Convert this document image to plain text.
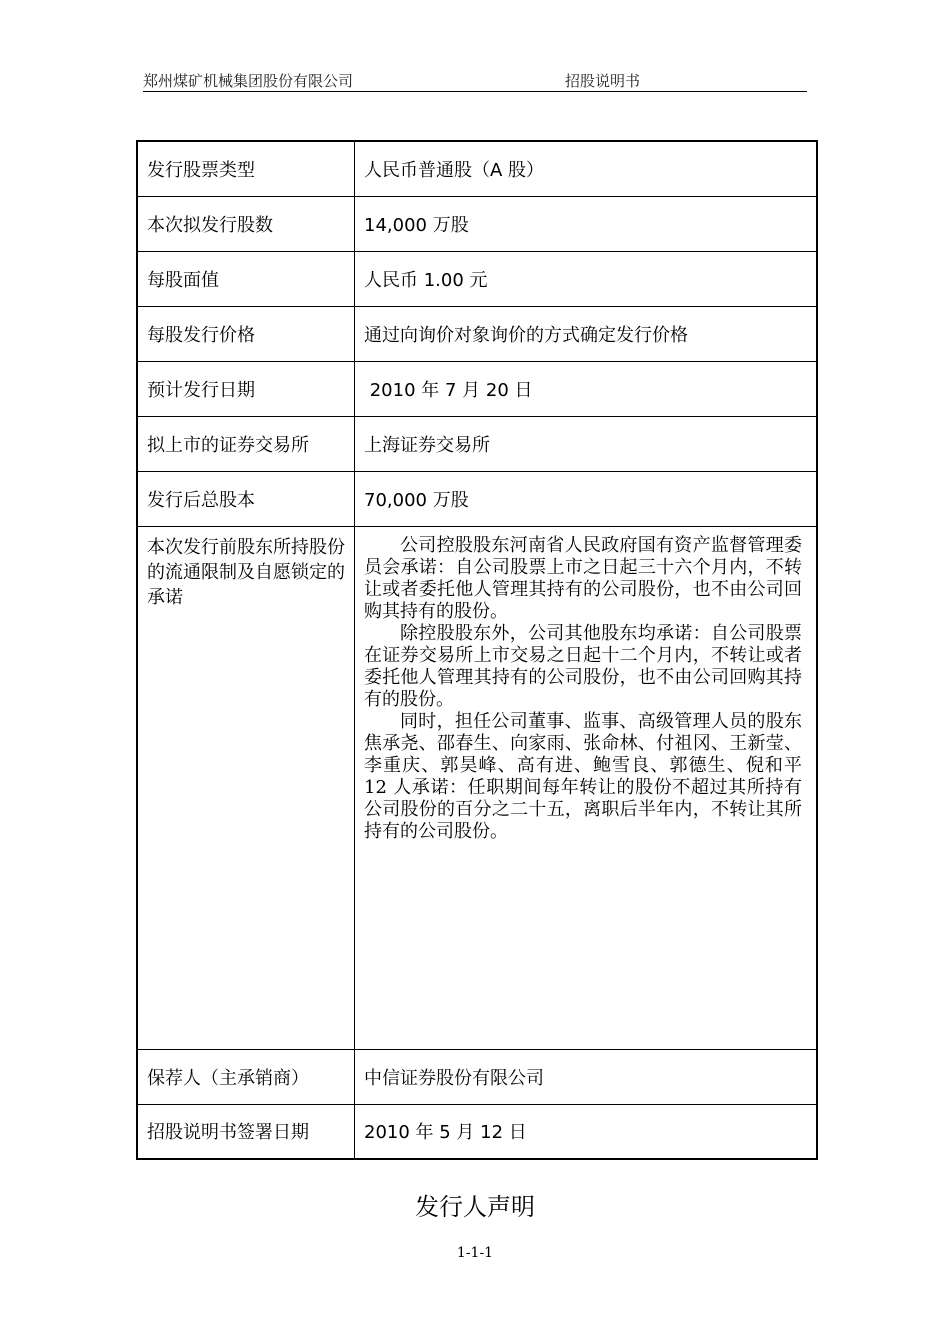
郑州煤矿机械集团股份有限公司	招股说明书
发行股票类型	人民币普通股（A 股）
本次拟发行股数	14,000 万股
每股面值	人民币 1.00 元
每股发行价格	通过向询价对象询价的方式确定发行价格
预计发行日期	2010 年 7 月 20 日
拟上市的证券交易所	上海证券交易所
发行后总股本	70,000 万股
本次发行前股东所持股份的流通限制及自愿锁定的承诺	公司控股股东河南省人民政府国有资产监督管理委员会承诺：自公司股票上市之日起三十六个月内，不转让或者委托他人管理其持有的公司股份，也不由公司回购其持有的股份。

除控股股东外，公司其他股东均承诺：自公司股票在证券交易所上市交易之日起十二个月内，不转让或者委托他人管理其持有的公司股份，也不由公司回购其持有的股份。

同时，担任公司董事、监事、高级管理人员的股东焦承尧、邵春生、向家雨、张命林、付祖冈、王新莹、李重庆、郭昊峰、高有进、鲍雪良、郭德生、倪和平 12 人承诺：任职期间每年转让的股份不超过其所持有公司股份的百分之二十五，离职后半年内，不转让其所持有的公司股份。

保荐人（主承销商）	中信证券股份有限公司
招股说明书签署日期	2010 年 5 月 12 日
发行人声明
1-1-1
